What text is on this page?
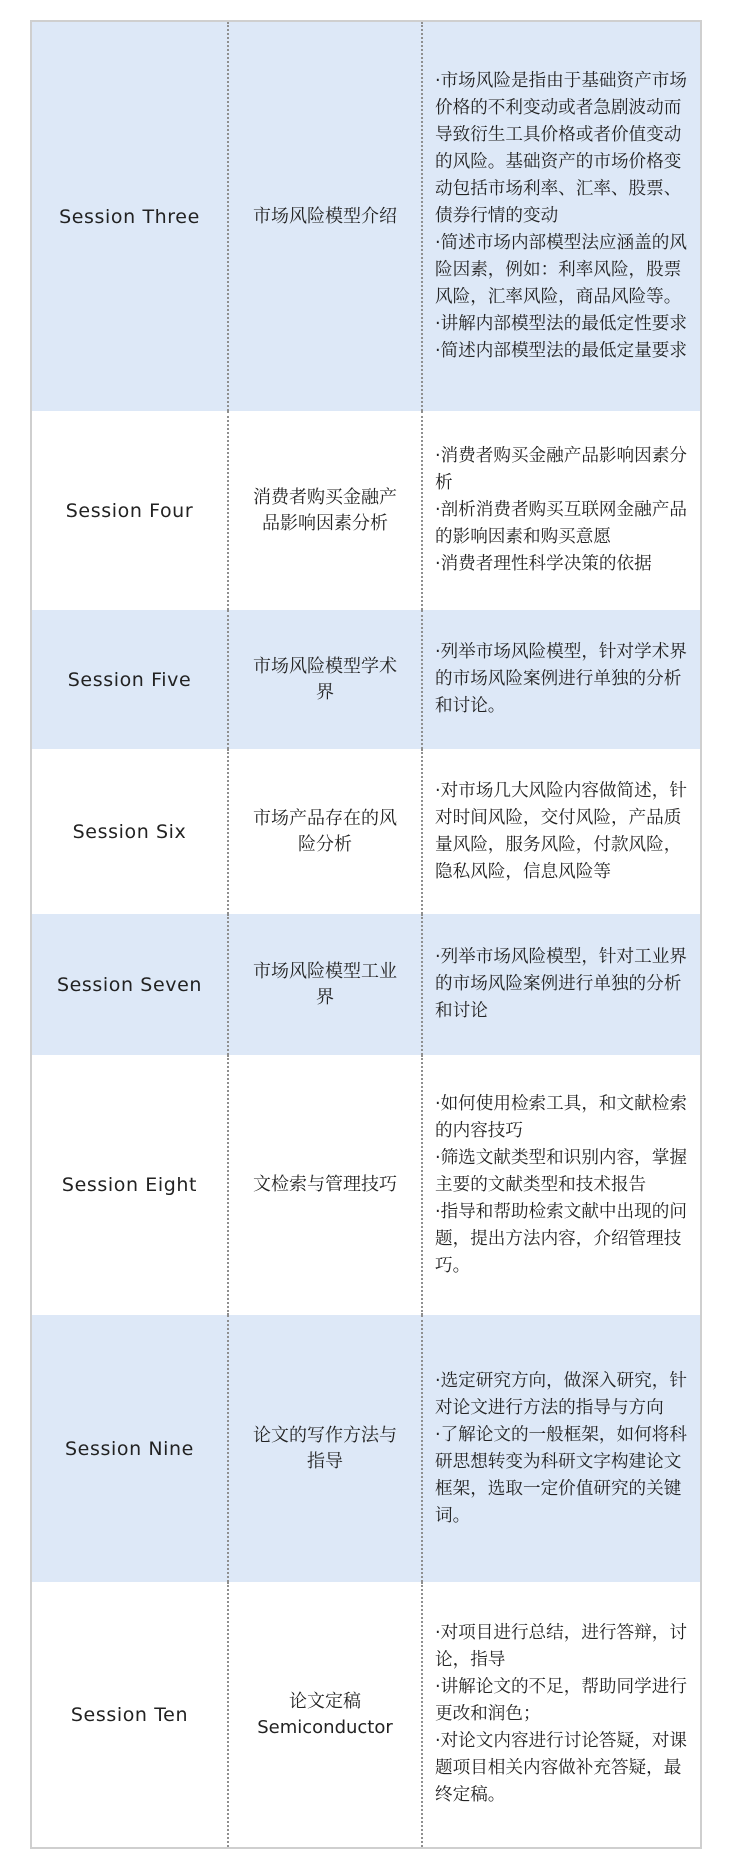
Session Three	市场风险模型介绍
·市场风险是指由于基础资产市场价格的不利变动或者急剧波动而导致衍生工具价格或者价值变动的风险。基础资产的市场价格变动包括市场利率、汇率、股票、债券行情的变动
·简述市场内部模型法应涵盖的风险因素，例如：利率风险，股票风险，汇率风险，商品风险等。
·讲解内部模型法的最低定性要求
·简述内部模型法的最低定量要求
Session Four
消费者购买金融产品影响因素分析
·消费者购买金融产品影响因素分析
·剖析消费者购买互联网金融产品的影响因素和购买意愿
·消费者理性科学决策的依据
Session Five
市场风险模型学术界
·列举市场风险模型，针对学术界的市场风险案例进行单独的分析和讨论。
Session Six
市场产品存在的风险分析
·对市场几大风险内容做简述，针对时间风险，交付风险，产品质量风险，服务风险，付款风险，隐私风险，信息风险等
Session Seven
市场风险模型工业界
·列举市场风险模型，针对工业界的市场风险案例进行单独的分析和讨论
Session Eight	文检索与管理技巧
·如何使用检索工具，和文献检索的内容技巧
·筛选文献类型和识别内容，掌握主要的文献类型和技术报告
·指导和帮助检索文献中出现的问题，提出方法内容，介绍管理技巧。
Session Nine
论文的写作方法与指导
·选定研究方向，做深入研究，针对论文进行方法的指导与方向
·了解论文的一般框架，如何将科研思想转变为科研文字构建论文框架，选取一定价值研究的关键词。
Session Ten
论文定稿 Semiconductor
·对项目进行总结，进行答辩，讨论，指导
·讲解论文的不足，帮助同学进行更改和润色；
·对论文内容进行讨论答疑，对课题项目相关内容做补充答疑，最终定稿。
